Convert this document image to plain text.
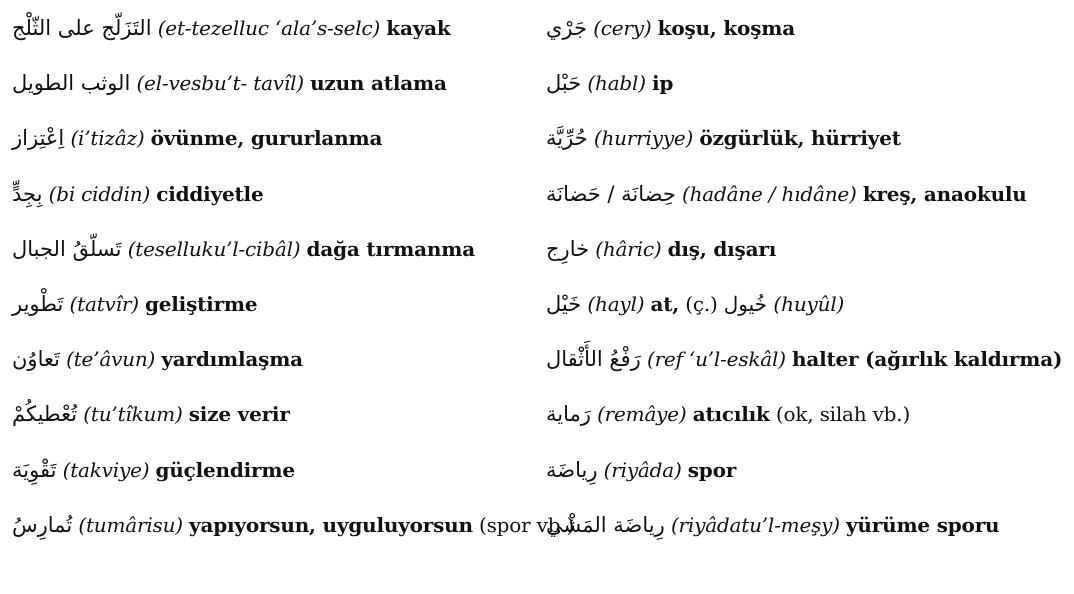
التَزَلّج على الثّلْج (et-tezelluc ‘ala’s-selc) kayak
الوثب الطويل (el-vesbu’t- tavîl) uzun atlama
اِعْتِزاز (i’tizâz) övünme, gururlanma
بِجِدٍّ (bi ciddin) ciddiyetle
تَسلّقُ الجبال (teselluku’l-cibâl) dağa tırmanma
تَطْوير (tatvîr) geliştirme
تَعاوُن (te’âvun) yardımlaşma
تُعْطيكُمْ (tu’tîkum) size verir
تَقْوِيَة (takviye) güçlendirme
تُمارِسُ (tumârisu) yapıyorsun, uyguluyorsun (spor vb.)
جَرْي (cery) koşu, koşma
حَبْل (habl) ip
حُرِّيَّة (hurriyye) özgürlük, hürriyet
حِضانَة / حَضانَة (hadâne / hıdâne) kreş, anaokulu
خارِج (hâric) dış, dışarı
خَيْل (hayl) at, (ç.) خُيول (huyûl)
رَفْعُ الأَثْقال (ref ‘u’l-eskâl) halter (ağırlık kaldırma)
رَماية (remâye) atıcılık (ok, silah vb.)
رِياضَة (riyâda) spor
رِياضَة المَشْي (riyâdatu’l-meşy) yürüme sporu
